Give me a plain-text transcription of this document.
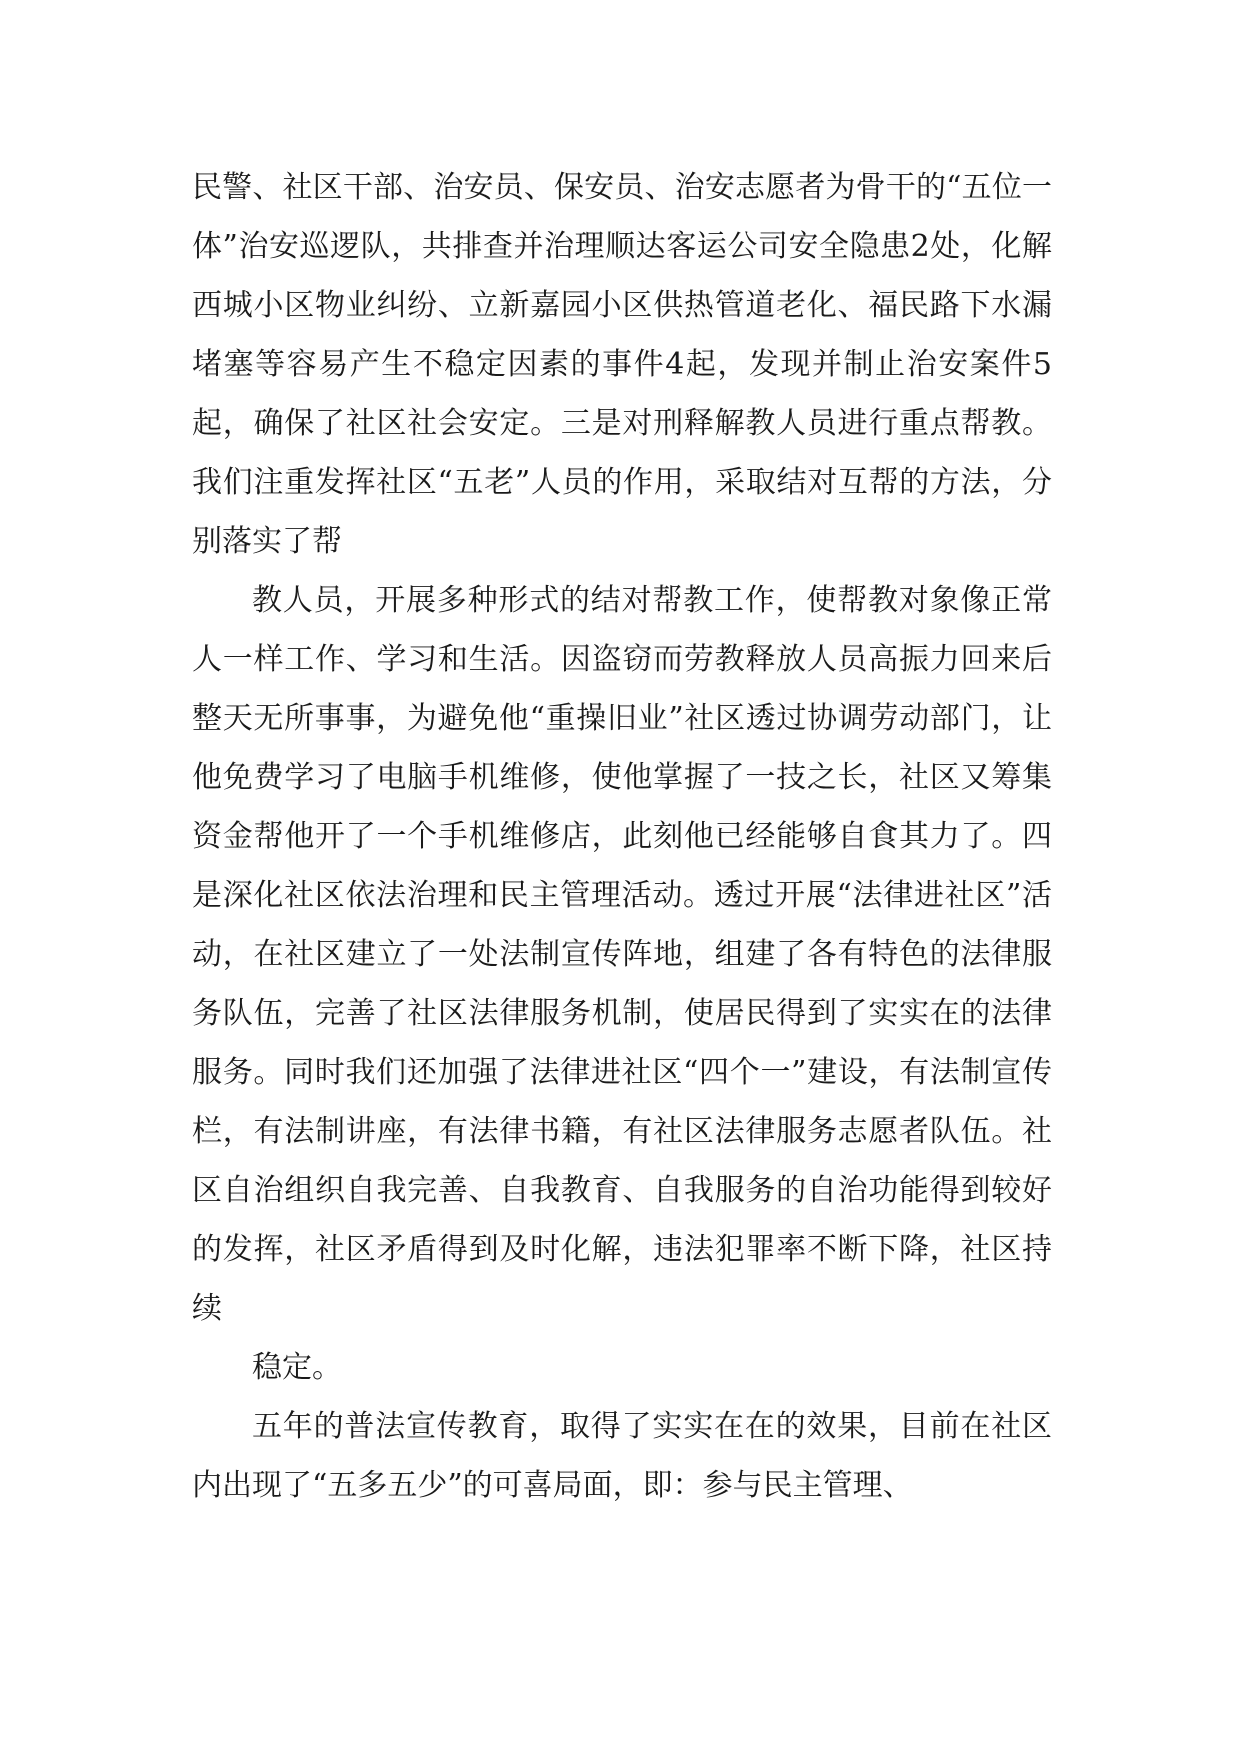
民警、社区干部、治安员、保安员、治安志愿者为骨干的“五位一体”治安巡逻队，共排查并治理顺达客运公司安全隐患2处，化解西城小区物业纠纷、立新嘉园小区供热管道老化、福民路下水漏堵塞等容易产生不稳定因素的事件4起，发现并制止治安案件5起，确保了社区社会安定。三是对刑释解教人员进行重点帮教。我们注重发挥社区“五老”人员的作用，采取结对互帮的方法，分别落实了帮

教人员，开展多种形式的结对帮教工作，使帮教对象像正常人一样工作、学习和生活。因盗窃而劳教释放人员高振力回来后整天无所事事，为避免他“重操旧业”社区透过协调劳动部门，让他免费学习了电脑手机维修，使他掌握了一技之长，社区又筹集资金帮他开了一个手机维修店，此刻他已经能够自食其力了。四是深化社区依法治理和民主管理活动。透过开展“法律进社区”活动，在社区建立了一处法制宣传阵地，组建了各有特色的法律服务队伍，完善了社区法律服务机制，使居民得到了实实在的法律服务。同时我们还加强了法律进社区“四个一”建设，有法制宣传栏，有法制讲座，有法律书籍，有社区法律服务志愿者队伍。社区自治组织自我完善、自我教育、自我服务的自治功能得到较好的发挥，社区矛盾得到及时化解，违法犯罪率不断下降，社区持续

稳定。

五年的普法宣传教育，取得了实实在在的效果，目前在社区内出现了“五多五少”的可喜局面，即：参与民主管理、
